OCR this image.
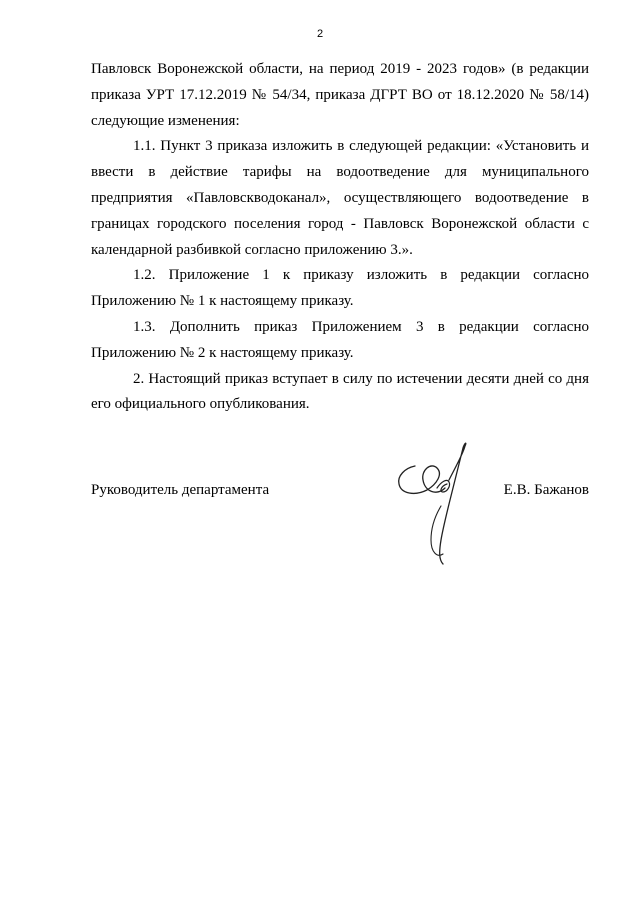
2

Павловск Воронежской области, на период 2019 - 2023 годов» (в редакции приказа УРТ 17.12.2019 № 54/34, приказа ДГРТ ВО от 18.12.2020 № 58/14) следующие изменения:

1.1. Пункт 3 приказа изложить в следующей редакции: «Установить и ввести в действие тарифы на водоотведение для муниципального предприятия «Павловскводоканал», осуществляющего водоотведение в границах городского поселения город - Павловск Воронежской области с календарной разбивкой согласно приложению 3.».

1.2. Приложение 1 к приказу изложить в редакции согласно Приложению № 1 к настоящему приказу.

1.3. Дополнить приказ Приложением 3 в редакции согласно Приложению № 2 к настоящему приказу.

2. Настоящий приказ вступает в силу по истечении десяти дней со дня его официального опубликования.

Руководитель департамента	Е.В. Бажанов
